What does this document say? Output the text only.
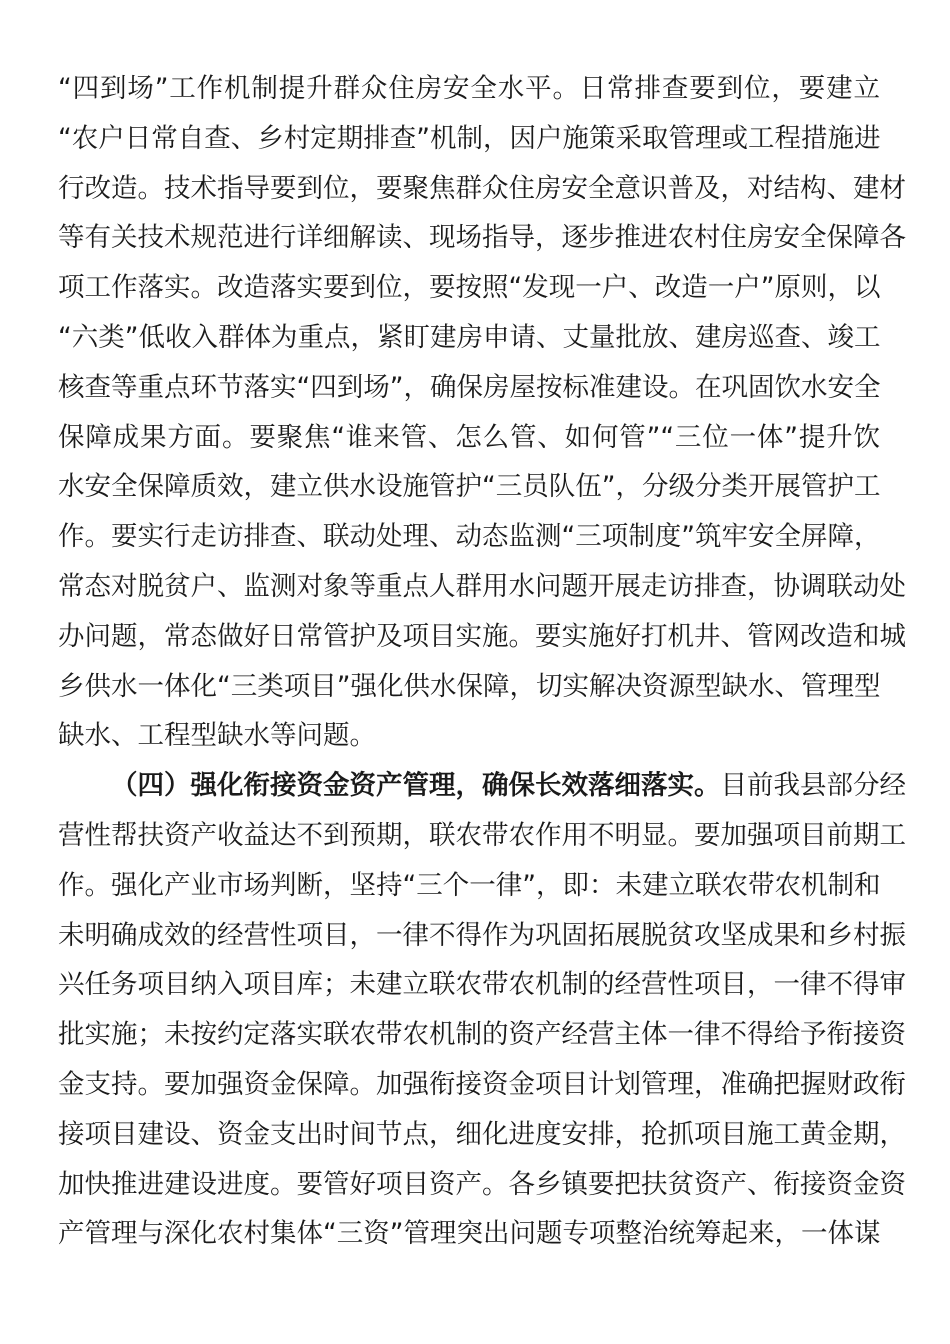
“四到场”工作机制提升群众住房安全水平。日常排查要到位，要建立
“农户日常自查、乡村定期排查”机制，因户施策采取管理或工程措施进
行改造。技术指导要到位，要聚焦群众住房安全意识普及，对结构、建材
等有关技术规范进行详细解读、现场指导，逐步推进农村住房安全保障各
项工作落实。改造落实要到位，要按照“发现一户、改造一户”原则，以
“六类”低收入群体为重点，紧盯建房申请、丈量批放、建房巡查、竣工
核查等重点环节落实“四到场”，确保房屋按标准建设。在巩固饮水安全
保障成果方面。要聚焦“谁来管、怎么管、如何管”“三位一体”提升饮
水安全保障质效，建立供水设施管护“三员队伍”，分级分类开展管护工
作。要实行走访排查、联动处理、动态监测“三项制度”筑牢安全屏障，
常态对脱贫户、监测对象等重点人群用水问题开展走访排查，协调联动处
办问题，常态做好日常管护及项目实施。要实施好打机井、管网改造和城
乡供水一体化“三类项目”强化供水保障，切实解决资源型缺水、管理型
缺水、工程型缺水等问题。
（四）强化衔接资金资产管理，确保长效落细落实。目前我县部分经
营性帮扶资产收益达不到预期，联农带农作用不明显。要加强项目前期工
作。强化产业市场判断，坚持“三个一律”，即：未建立联农带农机制和
未明确成效的经营性项目，一律不得作为巩固拓展脱贫攻坚成果和乡村振
兴任务项目纳入项目库；未建立联农带农机制的经营性项目，一律不得审
批实施；未按约定落实联农带农机制的资产经营主体一律不得给予衔接资
金支持。要加强资金保障。加强衔接资金项目计划管理，准确把握财政衔
接项目建设、资金支出时间节点，细化进度安排，抢抓项目施工黄金期，
加快推进建设进度。要管好项目资产。各乡镇要把扶贫资产、衔接资金资
产管理与深化农村集体“三资”管理突出问题专项整治统筹起来，一体谋
